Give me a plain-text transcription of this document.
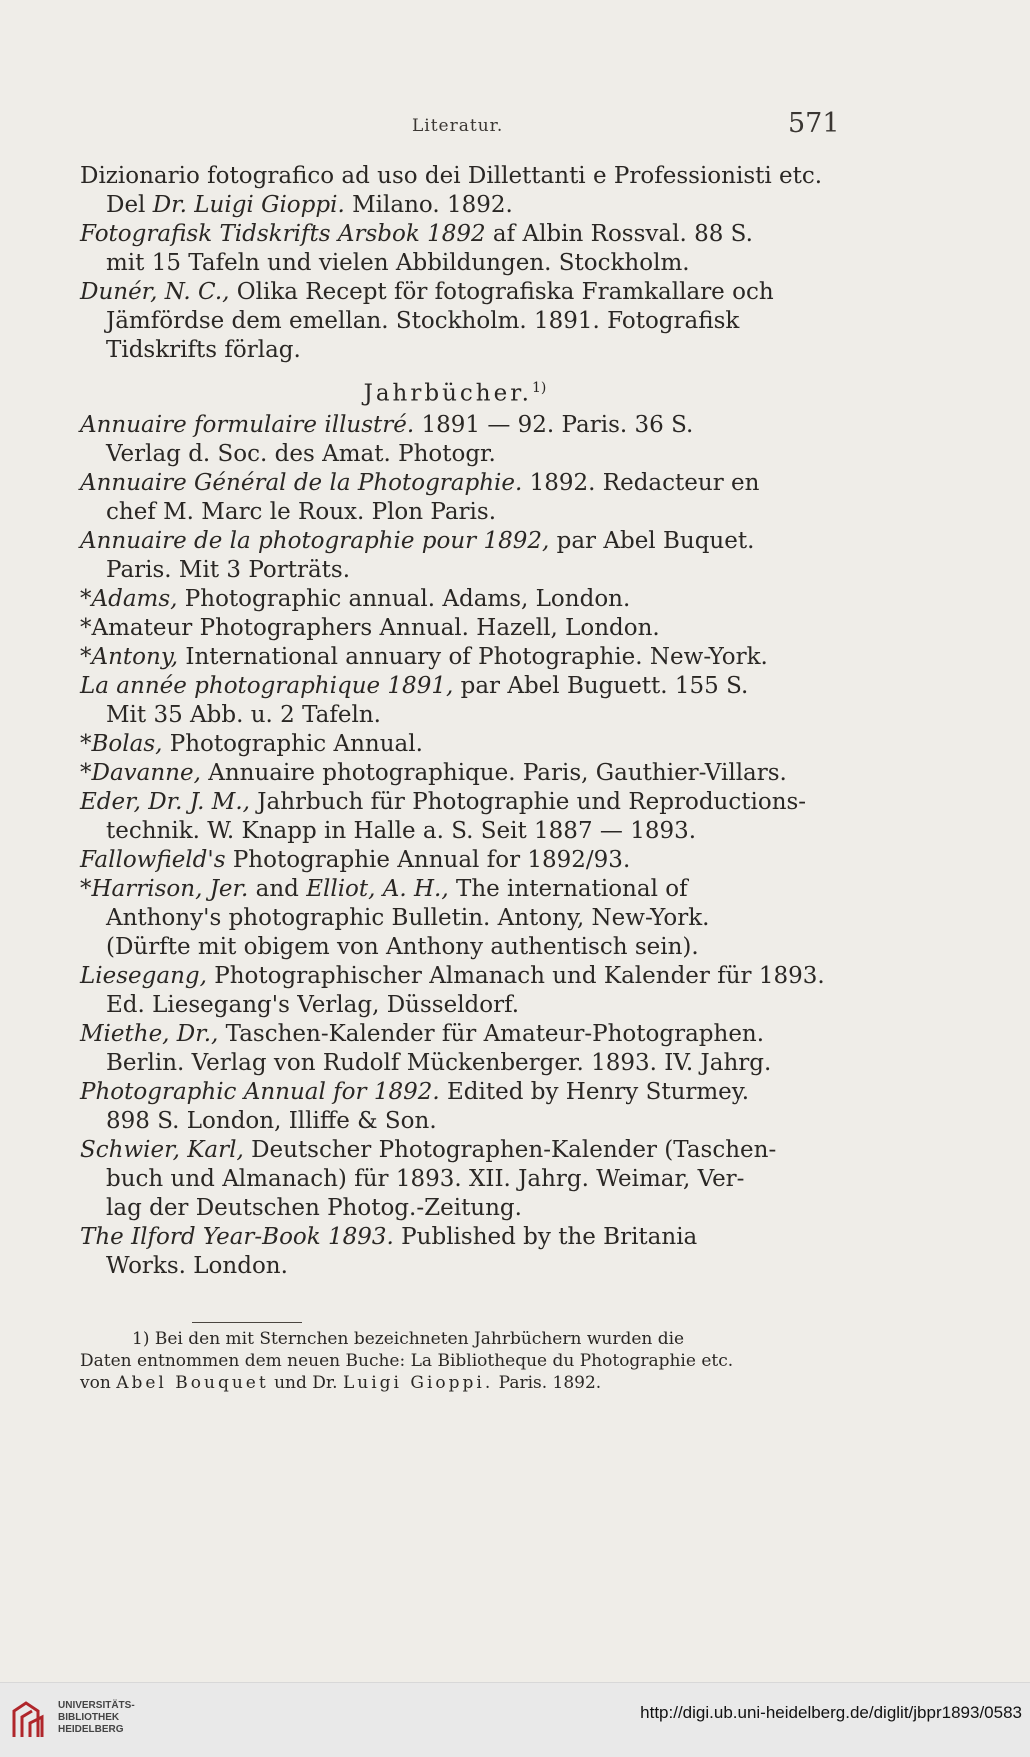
Literatur.	571
Dizionario fotografico ad uso dei Dillettanti e Professionisti etc.
Del Dr. Luigi Gioppi. Milano. 1892.
Fotografisk Tidskrifts Arsbok 1892 af Albin Rossval. 88 S.
mit 15 Tafeln und vielen Abbildungen. Stockholm.
Dunér, N. C., Olika Recept för fotografiska Framkallare och
Jämfördse dem emellan. Stockholm. 1891. Fotografisk
Tidskrifts förlag.
Jahrbücher.$^{1)}$
Annuaire formulaire illustré. 1891 — 92. Paris. 36 S.
Verlag d. Soc. des Amat. Photogr.
Annuaire Général de la Photographie. 1892. Redacteur en
chef M. Marc le Roux. Plon Paris.
Annuaire de la photographie pour 1892, par Abel Buquet.
Paris. Mit 3 Porträts.
*Adams, Photographic annual. Adams, London.
*Amateur Photographers Annual. Hazell, London.
*Antony, International annuary of Photographie. New-York.
La année photographique 1891, par Abel Buguett. 155 S.
Mit 35 Abb. u. 2 Tafeln.
*Bolas, Photographic Annual.
*Davanne, Annuaire photographique. Paris, Gauthier-Villars.
Eder, Dr. J. M., Jahrbuch für Photographie und Reproductions-
technik. W. Knapp in Halle a. S. Seit 1887 — 1893.
Fallowfield's Photographie Annual for 1892/93.
*Harrison, Jer. and Elliot, A. H., The international of
Anthony's photographic Bulletin. Antony, New-York.
(Dürfte mit obigem von Anthony authentisch sein).
Liesegang, Photographischer Almanach und Kalender für 1893.
Ed. Liesegang's Verlag, Düsseldorf.
Miethe, Dr., Taschen-Kalender für Amateur-Photographen.
Berlin. Verlag von Rudolf Mückenberger. 1893. IV. Jahrg.
Photographic Annual for 1892. Edited by Henry Sturmey.
898 S. London, Illiffe & Son.
Schwier, Karl, Deutscher Photographen-Kalender (Taschen-
buch und Almanach) für 1893. XII. Jahrg. Weimar, Ver-
lag der Deutschen Photog.-Zeitung.
The Ilford Year-Book 1893. Published by the Britania
Works. London.

1) Bei den mit Sternchen bezeichneten Jahrbüchern wurden die

Daten entnommen dem neuen Buche: La Bibliotheque du Photographie etc.

von Abel Bouquet und Dr. Luigi Gioppi. Paris. 1892.

UNIVERSITÄTS-
BIBLIOTHEK
HEIDELBERG
http://digi.ub.uni-heidelberg.de/diglit/jbpr1893/0583
